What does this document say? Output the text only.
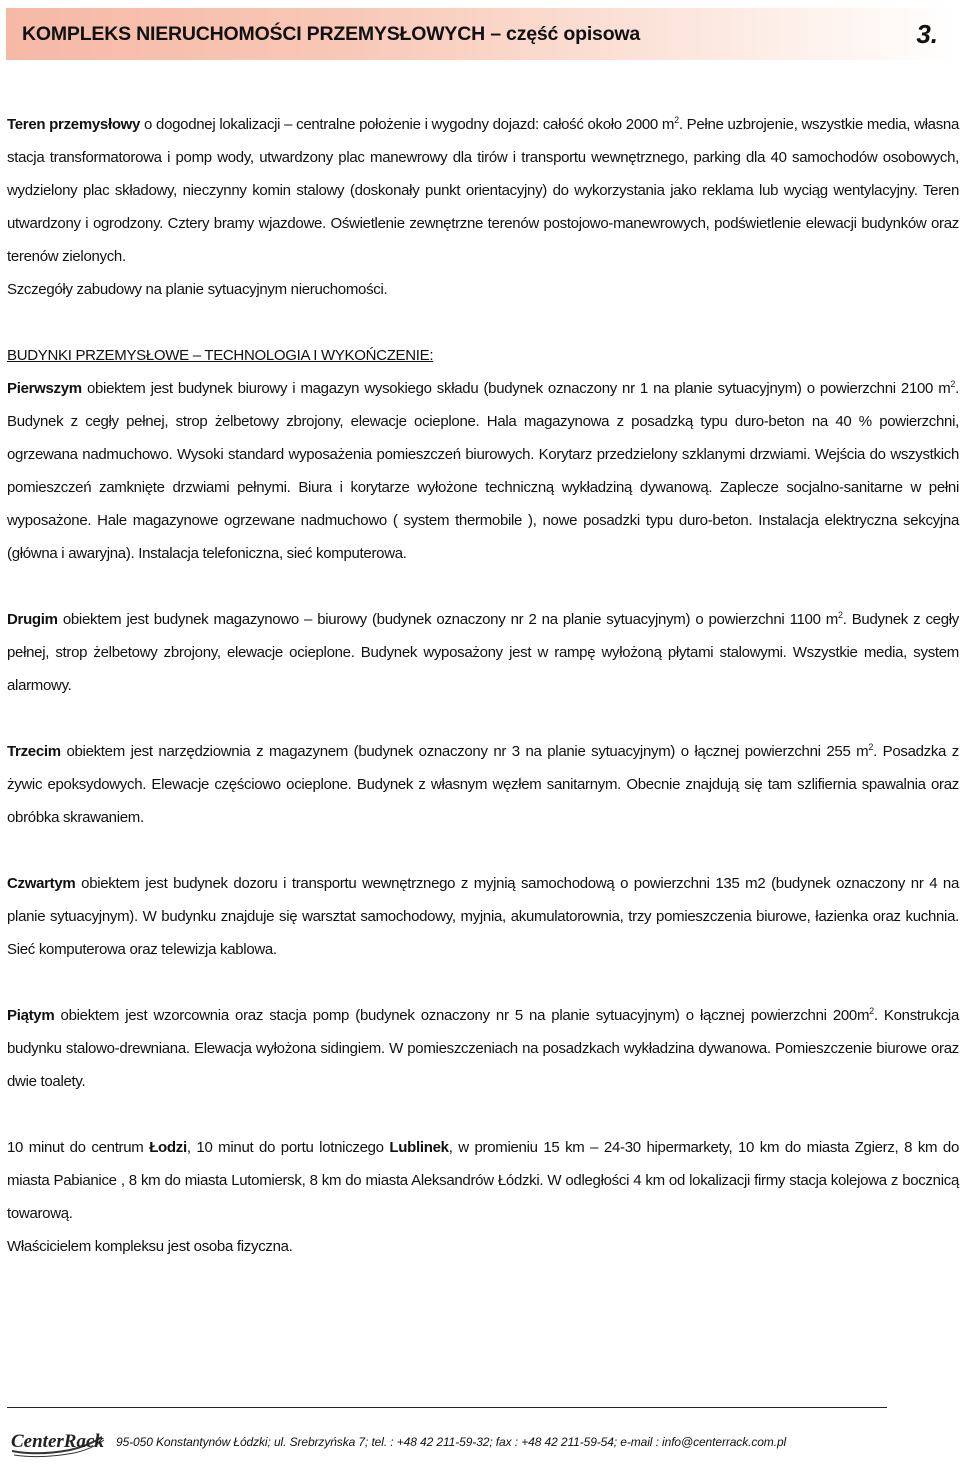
KOMPLEKS NIERUCHOMOŚCI PRZEMYSŁOWYCH – część opisowa	3.

Teren przemysłowy o dogodnej lokalizacji – centralne położenie i wygodny dojazd: całość około 2000 $m^2$. Pełne uzbrojenie, wszystkie media, własna stacja transformatorowa i pomp wody, utwardzony plac manewrowy dla tirów i transportu wewnętrznego, parking dla 40 samochodów osobowych, wydzielony plac składowy, nieczynny komin stalowy (doskonały punkt orientacyjny) do wykorzystania jako reklama lub wyciąg wentylacyjny. Teren utwardzony i ogrodzony. Cztery bramy wjazdowe. Oświetlenie zewnętrzne terenów postojowo-manewrowych, podświetlenie elewacji budynków oraz terenów zielonych.

Szczegóły zabudowy na planie sytuacyjnym nieruchomości.

BUDYNKI PRZEMYSŁOWE – TECHNOLOGIA I WYKOŃCZENIE:

Pierwszym obiektem jest budynek biurowy i magazyn wysokiego składu (budynek oznaczony nr 1 na planie sytuacyjnym) o powierzchni 2100 $m^2$. Budynek z cegły pełnej, strop żelbetowy zbrojony, elewacje ocieplone. Hala magazynowa z posadzką typu duro-beton na 40 % powierzchni, ogrzewana nadmuchowo. Wysoki standard wyposażenia pomieszczeń biurowych. Korytarz przedzielony szklanymi drzwiami. Wejścia do wszystkich pomieszczeń zamknięte drzwiami pełnymi. Biura i korytarze wyłożone techniczną wykładziną dywanową. Zaplecze socjalno-sanitarne w pełni wyposażone. Hale magazynowe ogrzewane nadmuchowo ( system thermobile ), nowe posadzki typu duro-beton. Instalacja elektryczna sekcyjna (główna i awaryjna). Instalacja telefoniczna, sieć komputerowa.

Drugim obiektem jest budynek magazynowo – biurowy (budynek oznaczony nr 2 na planie sytuacyjnym) o powierzchni 1100 $m^2$. Budynek z cegły pełnej, strop żelbetowy zbrojony, elewacje ocieplone. Budynek wyposażony jest w rampę wyłożoną płytami stalowymi. Wszystkie media, system alarmowy.

Trzecim obiektem jest narzędziownia z magazynem (budynek oznaczony nr 3 na planie sytuacyjnym) o łącznej powierzchni 255 $m^2$. Posadzka z żywic epoksydowych. Elewacje częściowo ocieplone. Budynek z własnym węzłem sanitarnym. Obecnie znajdują się tam szlifiernia spawalnia oraz obróbka skrawaniem.

Czwartym obiektem jest budynek dozoru i transportu wewnętrznego z myjnią samochodową o powierzchni 135 m2 (budynek oznaczony nr 4 na planie sytuacyjnym). W budynku znajduje się warsztat samochodowy, myjnia, akumulatorownia, trzy pomieszczenia biurowe, łazienka oraz kuchnia. Sieć komputerowa oraz telewizja kablowa.

Piątym obiektem jest wzorcownia oraz stacja pomp (budynek oznaczony nr 5 na planie sytuacyjnym) o łącznej powierzchni $200m^2$. Konstrukcja budynku stalowo-drewniana. Elewacja wyłożona sidingiem. W pomieszczeniach na posadzkach wykładzina dywanowa. Pomieszczenie biurowe oraz dwie toalety.

10 minut do centrum Łodzi, 10 minut do portu lotniczego Lublinek, w promieniu 15 km – 24-30 hipermarkety, 10 km do miasta Zgierz, 8 km do miasta Pabianice , 8 km do miasta Lutomiersk, 8 km do miasta Aleksandrów Łódzki. W odległości 4 km od lokalizacji firmy stacja kolejowa z bocznicą towarową.

Właścicielem kompleksu jest osoba fizyczna.

CenterRack 95-050 Konstantynów Łódzki; ul. Srebrzyńska 7; tel. : +48 42 211-59-32; fax : +48 42 211-59-54; e-mail : info@centerrack.com.pl
